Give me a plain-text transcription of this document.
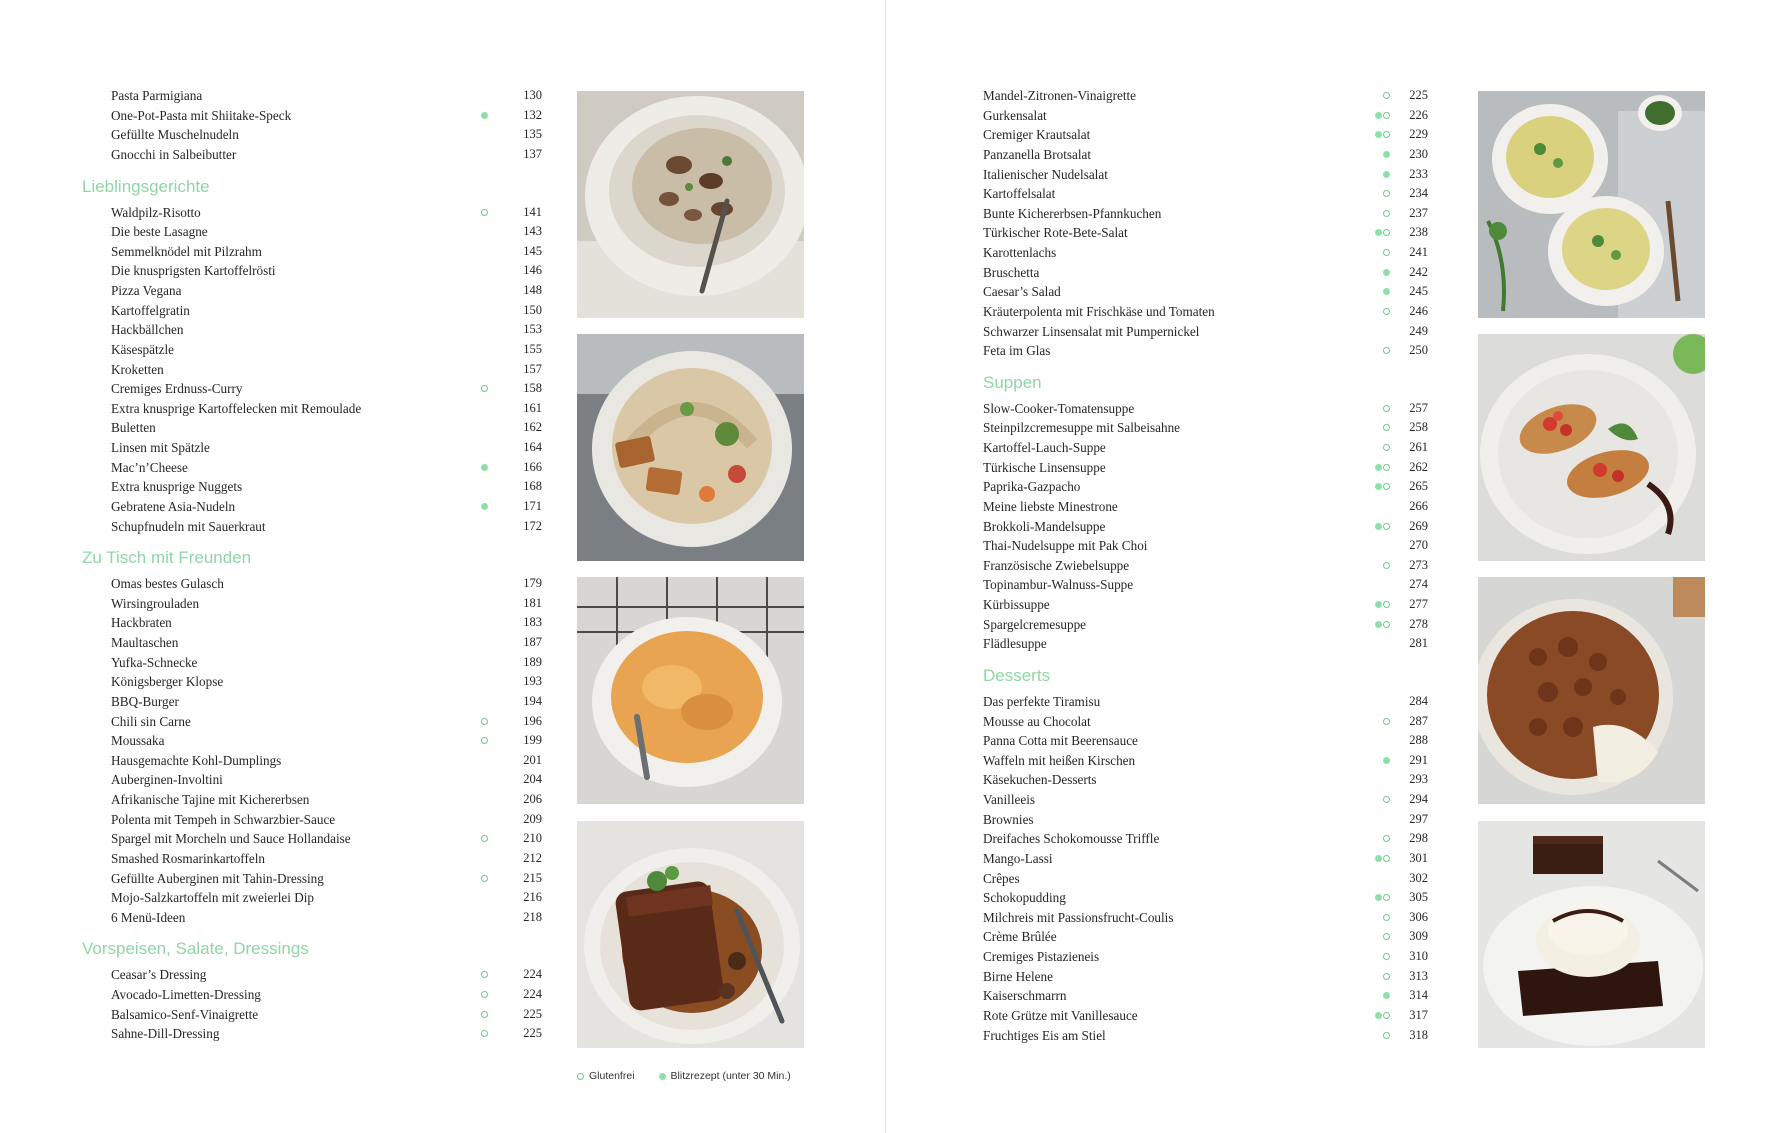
Pasta Parmigiana	130
One-Pot-Pasta mit Shiitake-Speck	132
Gefüllte Muschelnudeln	135
Gnocchi in Salbeibutter	137
Lieblingsgerichte
Waldpilz-Risotto	141
Die beste Lasagne	143
Semmelknödel mit Pilzrahm	145
Die knusprigsten Kartoffelrösti	146
Pizza Vegana	148
Kartoffelgratin	150
Hackbällchen	153
Käsespätzle	155
Kroketten	157
Cremiges Erdnuss-Curry	158
Extra knusprige Kartoffelecken mit Remoulade	161
Buletten	162
Linsen mit Spätzle	164
Mac’n’Cheese	166
Extra knusprige Nuggets	168
Gebratene Asia-Nudeln	171
Schupfnudeln mit Sauerkraut	172
Zu Tisch mit Freunden
Omas bestes Gulasch	179
Wirsingrouladen	181
Hackbraten	183
Maultaschen	187
Yufka-Schnecke	189
Königsberger Klopse	193
BBQ-Burger	194
Chili sin Carne	196
Moussaka	199
Hausgemachte Kohl-Dumplings	201
Auberginen-Involtini	204
Afrikanische Tajine mit Kichererbsen	206
Polenta mit Tempeh in Schwarzbier-Sauce	209
Spargel mit Morcheln und Sauce Hollandaise	210
Smashed Rosmarinkartoffeln	212
Gefüllte Auberginen mit Tahin-Dressing	215
Mojo-Salzkartoffeln mit zweierlei Dip	216
6 Menü-Ideen	218
Vorspeisen, Salate, Dressings
Ceasar’s Dressing	224
Avocado-Limetten-Dressing	224
Balsamico-Senf-Vinaigrette	225
Sahne-Dill-Dressing	225
Glutenfrei	Blitzrezept (unter 30 Min.)
Mandel-Zitronen-Vinaigrette	225
Gurkensalat	226
Cremiger Krautsalat	229
Panzanella Brotsalat	230
Italienischer Nudelsalat	233
Kartoffelsalat	234
Bunte Kichererbsen-Pfannkuchen	237
Türkischer Rote-Bete-Salat	238
Karottenlachs	241
Bruschetta	242
Caesar’s Salad	245
Kräuterpolenta mit Frischkäse und Tomaten	246
Schwarzer Linsensalat mit Pumpernickel	249
Feta im Glas	250
Suppen
Slow-Cooker-Tomatensuppe	257
Steinpilzcremesuppe mit Salbeisahne	258
Kartoffel-Lauch-Suppe	261
Türkische Linsensuppe	262
Paprika-Gazpacho	265
Meine liebste Minestrone	266
Brokkoli-Mandelsuppe	269
Thai-Nudelsuppe mit Pak Choi	270
Französische Zwiebelsuppe	273
Topinambur-Walnuss-Suppe	274
Kürbissuppe	277
Spargelcremesuppe	278
Flädlesuppe	281
Desserts
Das perfekte Tiramisu	284
Mousse au Chocolat	287
Panna Cotta mit Beerensauce	288
Waffeln mit heißen Kirschen	291
Käsekuchen-Desserts	293
Vanilleeis	294
Brownies	297
Dreifaches Schokomousse Triffle	298
Mango-Lassi	301
Crêpes	302
Schokopudding	305
Milchreis mit Passionsfrucht-Coulis	306
Crème Brûlée	309
Cremiges Pistazieneis	310
Birne Helene	313
Kaiserschmarrn	314
Rote Grütze mit Vanillesauce	317
Fruchtiges Eis am Stiel	318
